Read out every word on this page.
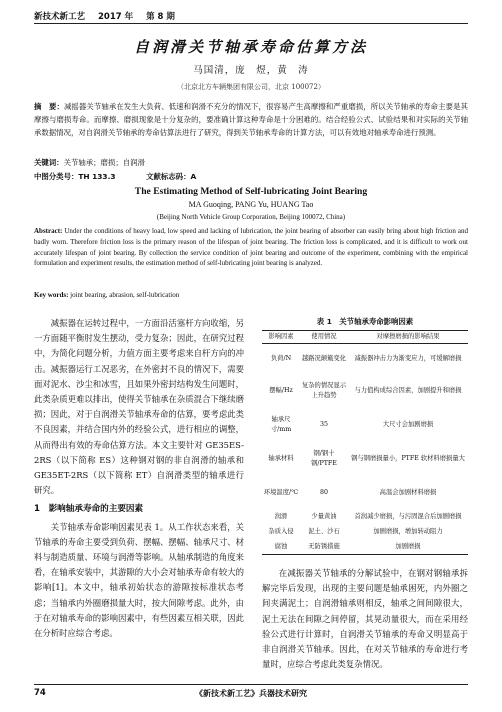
新技术新工艺 2017 年 第 8 期
自润滑关节轴承寿命估算方法
马国清，庞　煜，黄　涛
（北京北方车辆集团有限公司，北京 100072）
摘　要：减摇器关节轴承在发生大负荷、低速和润滑不充分的情况下，很容易产生高摩擦和严重磨损，所以关节轴承的寿命主要是其摩擦与磨损寿命。而摩擦、磨损现象是十分复杂的，要准确计算这种寿命是十分困难的。结合经验公式、试验结果和对实际的关节轴承数据情况，对自润滑关节轴承的寿命估算法进行了研究，得到关节轴承寿命的计算方法，可以有效地对轴承寿命进行预测。
关键词：关节轴承；磨损；自润滑
中图分类号：TH 133.3	文献标志码：A
The Estimating Method of Self-lubricating Joint Bearing
MA Guoqing, PANG Yu, HUANG Tao
(Beijing North Vehicle Group Corporation, Beijing 100072, China)
Abstract: Under the conditions of heavy load, low speed and lacking of lubrication, the joint bearing of absorber can easily bring about high friction and badly worn. Therefore friction loss is the primary reason of the lifespan of joint bearing. The friction loss is complicated, and it is difficult to work out accurately lifespan of joint bearing. By collection the service condition of joint bearing and outcome of the experiment, combining with the empirical formulation and experiment results, the estimation method of self-lubricating joint bearing is analyzed.
Key words: joint bearing, abrasion, self-lubrication

减振器在运转过程中，一方面沿活塞杆方向收缩，另一方面随平衡肘发生摆动，受力复杂；因此，在研究过程中，为简化问题分析，力值方面主要考虑来自杆方向的冲击。减振器运行工况恶劣，在外密封不良的情况下，需要面对泥水、沙尘和冰雪，且如果外密封结构发生问题时，此类杂质更难以排出，使得关节轴承在杂质混合下继续磨损；因此，对于自润滑关节轴承寿命的估算，要考虑此类不良因素，并结合国内外的经验公式，进行相应的调整，从而得出有效的寿命估算方法。本文主要针对 GE35ES-2RS（以下简称 ES）这种钢对钢的非自润滑的轴承和 GE35ET-2RS（以下简称 ET）自润滑类型的轴承进行研究。

1　影响轴承寿命的主要因素

关节轴承寿命影响因素见表 1。从工作状态来看，关节轴承的寿命主要受到负荷、摆幅、摆幅、轴承尺寸、材料与制造质量、环境与润滑等影响。从轴承制造的角度来看，在轴承安装中，其游隙的大小会对轴承寿命有较大的影响[1]。本文中，轴承初始状态的游隙按标准状态考虑；当轴承内外圈磨损量大时，按大间隙考虑。此外，由于在对轴承寿命的影响因素中，有些因素互相关联，因此在分析时应综合考虑。

表 1　关节轴承寿命影响因素
影响因素	使用情况	对摩擦磨损的影响结果
负荷/N	越路况颠簸变化	减振器冲击力为渐变应力，可缓解磨损
摆幅/Hz	复杂的情况显示上升趋势	与力值构成综合因素，加剧提升和磨损
轴承尺寸/mm	35	大尺寸会加剧磨损
轴承材料	钢/钢十钢/PTFE	钢与钢磨损量小，PTFE 软材料磨损量大
环境温度/℃	80	高温会加剧材料磨损
润滑	少量黄油	首润减少磨损，与污固混合后加剧磨损
杂质入侵	泥土、沙石	加剧磨损，增加转动阻力
腐蚀	无防锈措施	加剧磨损

在减振器关节轴承的分解试验中，在钢对钢轴承拆解完毕后发现，出现的主要问题是轴承困死，内外圈之间夹满泥土；自润滑轴承则相反，轴承之间间隙很大，泥土无法在间隙之间停留，其晃动量很大，而在采用经验公式进行计算时，自润滑关节轴承的寿命又明显高于非自润滑关节轴承。因此，在对关节轴承的寿命进行考量时，应综合考虑此类复杂情况。

74	《新技术新工艺》兵器技术研究
